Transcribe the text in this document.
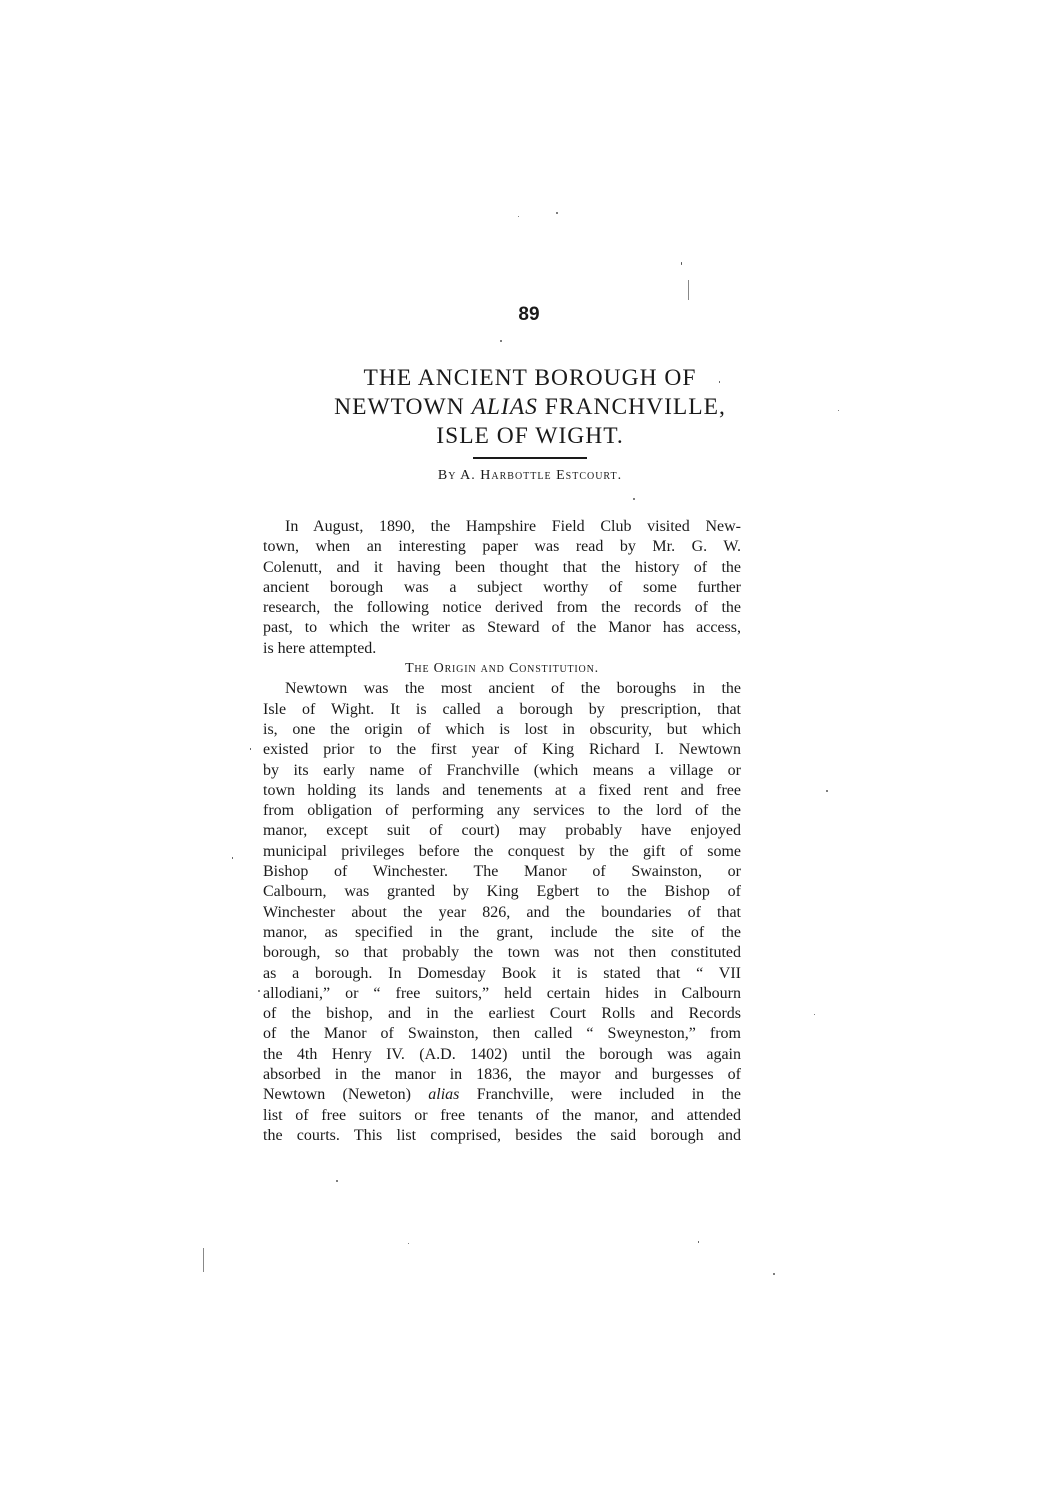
89
THE ANCIENT BOROUGH OF
NEWTOWN ALIAS FRANCHVILLE,
ISLE OF WIGHT.
By A. Harbottle Estcourt.
In August, 1890, the Hampshire Field Club visited New-
town, when an interesting paper was read by Mr. G. W.
Colenutt, and it having been thought that the history of the
ancient borough was a subject worthy of some further
research, the following notice derived from the records of the
past, to which the writer as Steward of the Manor has access,
is here attempted.
The Origin and Constitution.
Newtown was the most ancient of the boroughs in the
Isle of Wight. It is called a borough by prescription, that
is, one the origin of which is lost in obscurity, but which
existed prior to the first year of King Richard I. Newtown
by its early name of Franchville (which means a village or
town holding its lands and tenements at a fixed rent and free
from obligation of performing any services to the lord of the
manor, except suit of court) may probably have enjoyed
municipal privileges before the conquest by the gift of some
Bishop of Winchester. The Manor of Swainston, or
Calbourn, was granted by King Egbert to the Bishop of
Winchester about the year 826, and the boundaries of that
manor, as specified in the grant, include the site of the
borough, so that probably the town was not then constituted
as a borough. In Domesday Book it is stated that “ VII
allodiani,” or “ free suitors,” held certain hides in Calbourn
of the bishop, and in the earliest Court Rolls and Records
of the Manor of Swainston, then called “ Sweyneston,” from
the 4th Henry IV. (A.D. 1402) until the borough was again
absorbed in the manor in 1836, the mayor and burgesses of
Newtown (Neweton) alias Franchville, were included in the
list of free suitors or free tenants of the manor, and attended
the courts. This list comprised, besides the said borough and
